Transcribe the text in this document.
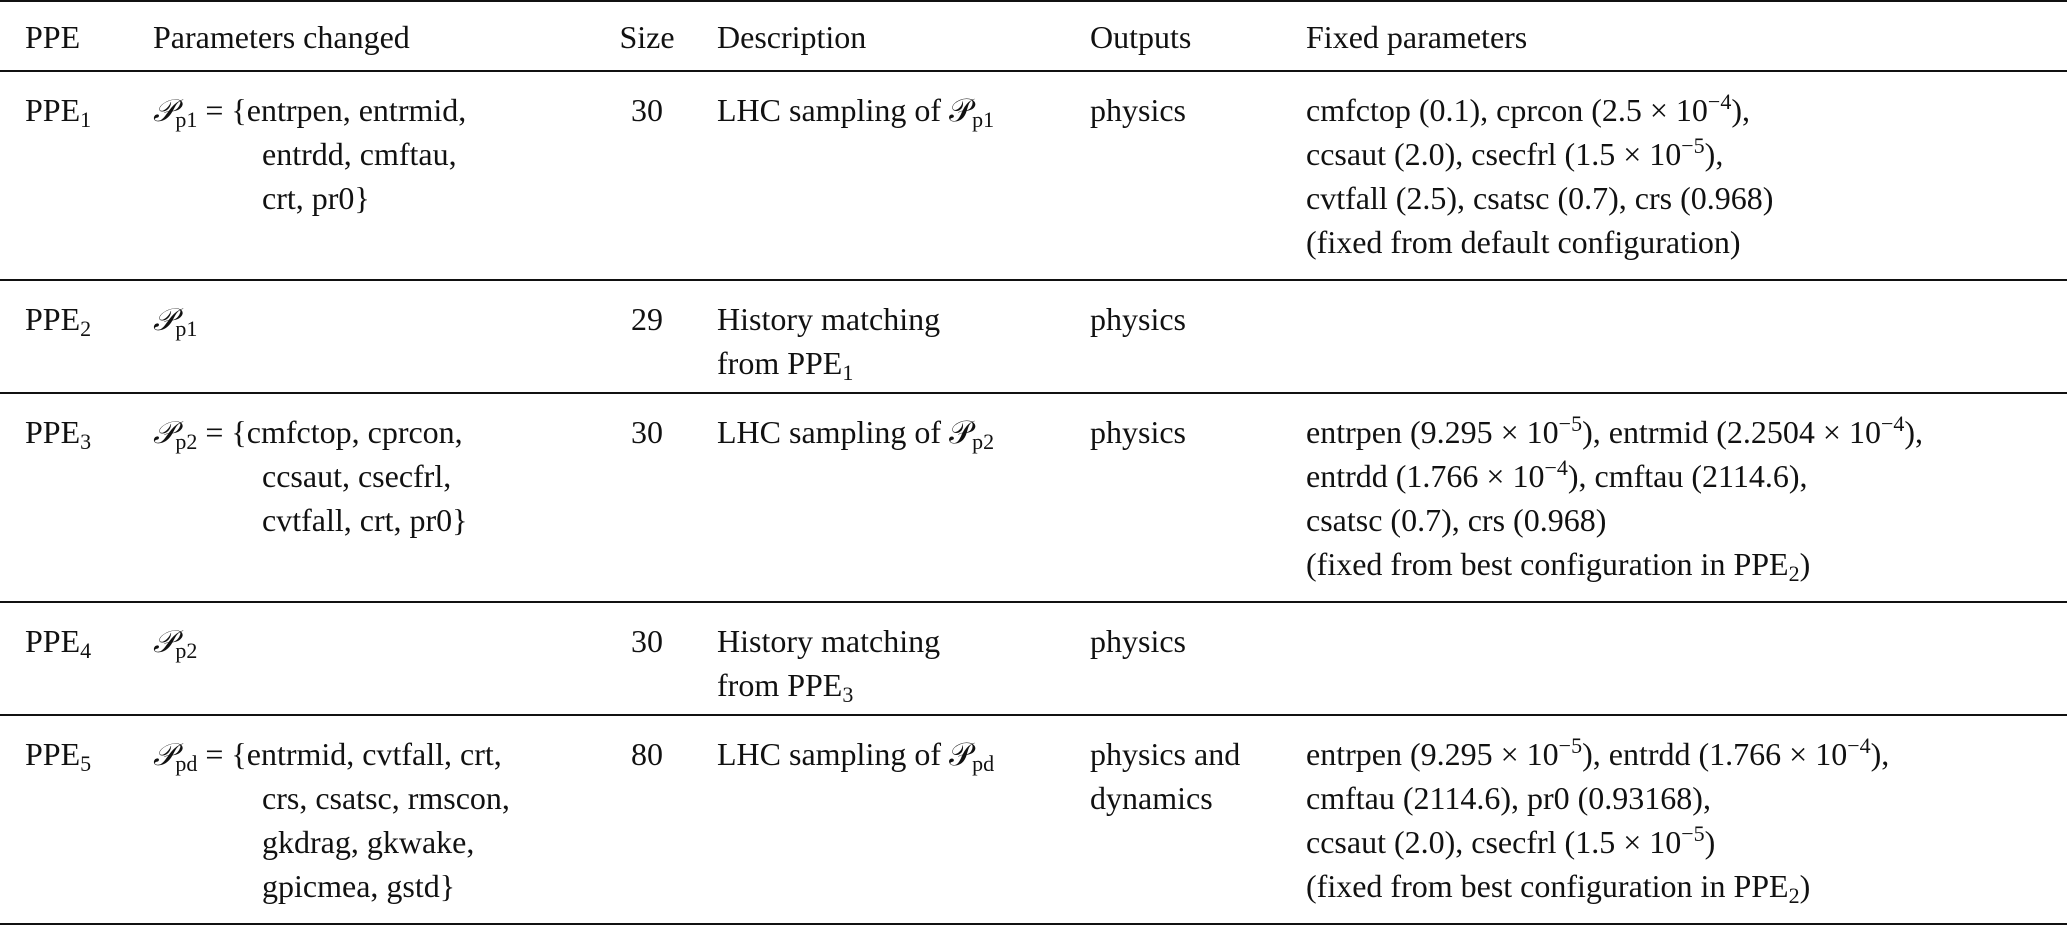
PPE	Parameters changed	Size	Description	Outputs	Fixed parameters
$PPE_1$	𝒫$_{p1}$ = {entrpen, entrmid,
entrdd, cmftau,
crt, pr0}	30	LHC sampling of 𝒫$_{p1}$	physics	cmfctop (0.1), cprcon $(2.5 \times 10^{-4})$,
ccsaut (2.0), csecfrl $(1.5 \times 10^{-5})$,
cvtfall (2.5), csatsc (0.7), crs (0.968)
(fixed from default configuration)

$PPE_2$	𝒫$_{p1}$	29	History matching
from $PPE_1$	physics	

$PPE_3$	𝒫$_{p2}$ = {cmfctop, cprcon,
ccsaut, csecfrl,
cvtfall, crt, pr0}	30	LHC sampling of 𝒫$_{p2}$	physics	entrpen $(9.295 \times 10^{-5})$, entrmid $(2.2504 \times 10^{-4})$,
entrdd $(1.766 \times 10^{-4})$, cmftau (2114.6),
csatsc (0.7), crs (0.968)
(fixed from best configuration in $PPE_2$)

$PPE_4$	𝒫$_{p2}$	30	History matching
from $PPE_3$	physics	

$PPE_5$	𝒫$_{pd}$ = {entrmid, cvtfall, crt,
crs, csatsc, rmscon,
gkdrag, gkwake,
gpicmea, gstd}	80	LHC sampling of 𝒫$_{pd}$	physics and
dynamics	entrpen $(9.295 \times 10^{-5})$, entrdd $(1.766 \times 10^{-4})$,
cmftau (2114.6), pr0 (0.93168),
ccsaut (2.0), csecfrl $(1.5 \times 10^{-5})$
(fixed from best configuration in $PPE_2$)
